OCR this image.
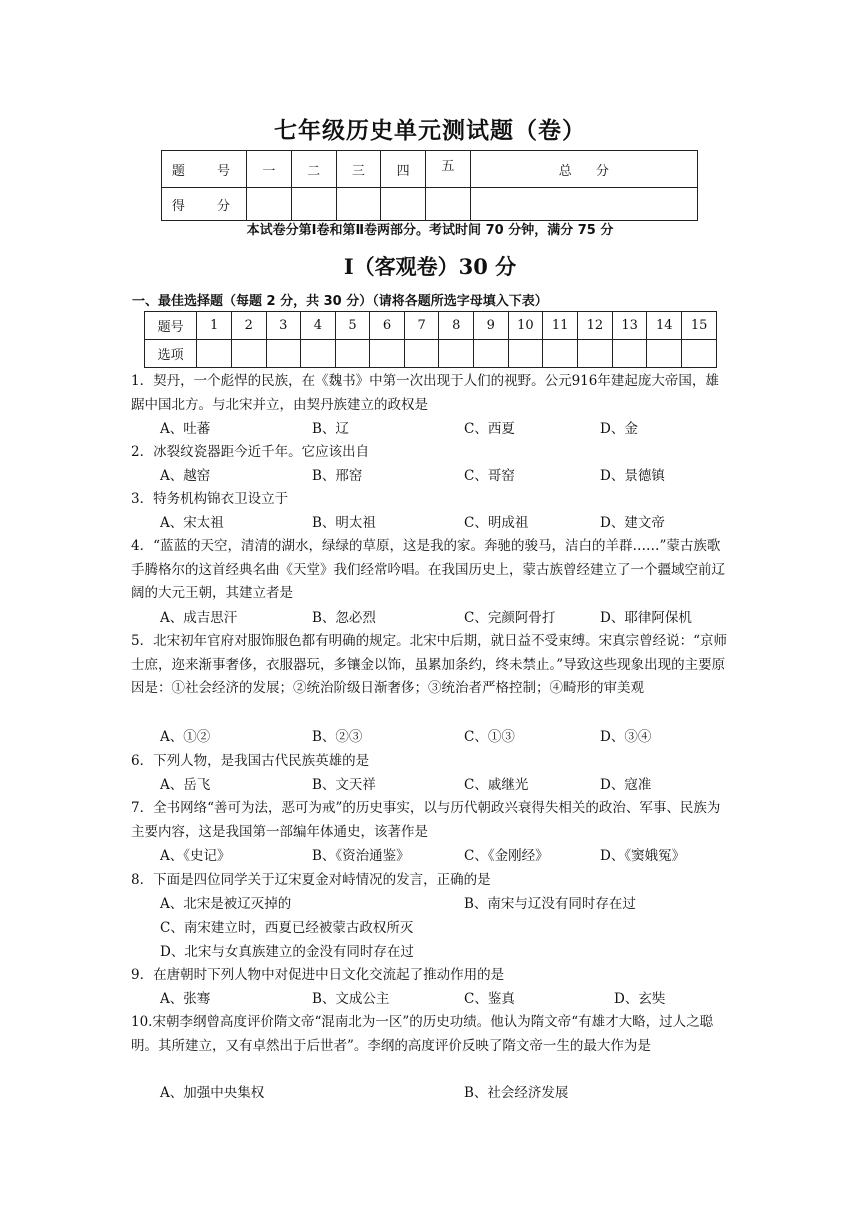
七年级历史单元测试题（卷）
题 号	一	二	三	四	五	总 分
得 分						
本试卷分第Ⅰ卷和第Ⅱ卷两部分。考试时间 70 分钟，满分 75 分
Ⅰ（客观卷）30 分
一、最佳选择题（每题 2 分，共 30 分）（请将各题所选字母填入下表）
题号	1	2	3	4	5	6	7	8	9	10	11	12	13	14	15
选项															

1．契丹，一个彪悍的民族，在《魏书》中第一次出现于人们的视野。公元916年建起庞大帝国，雄踞中国北方。与北宋并立，由契丹族建立的政权是

A、吐蕃	B、辽	C、西夏	D、金

2．冰裂纹瓷器距今近千年。它应该出自

A、越窑	B、邢窑	C、哥窑	D、景德镇

3．特务机构锦衣卫设立于

A、宋太祖	B、明太祖	C、明成祖	D、建文帝

4．“蓝蓝的天空，清清的湖水，绿绿的草原，这是我的家。奔驰的骏马，洁白的羊群……”蒙古族歌手腾格尔的这首经典名曲《天堂》我们经常吟唱。在我国历史上，蒙古族曾经建立了一个疆域空前辽阔的大元王朝，其建立者是

A、成吉思汗	B、忽必烈	C、完颜阿骨打	D、耶律阿保机

5．北宋初年官府对服饰服色都有明确的规定。北宋中后期，就日益不受束缚。宋真宗曾经说：“京师士庶，迩来渐事奢侈，衣服器玩，多镶金以饰，虽累加条约，终未禁止。”导致这些现象出现的主要原因是：①社会经济的发展；②统治阶级日渐奢侈；③统治者严格控制；④畸形的审美观

A、①②	B、②③	C、①③	D、③④

6．下列人物，是我国古代民族英雄的是

A、岳飞	B、文天祥	C、戚继光	D、寇准

7．全书网络“善可为法，恶可为戒”的历史事实，以与历代朝政兴衰得失相关的政治、军事、民族为主要内容，这是我国第一部编年体通史，该著作是

A、《史记》	B、《资治通鉴》	C、《金刚经》	D、《窦娥冤》

8．下面是四位同学关于辽宋夏金对峙情况的发言，正确的是

A、北宋是被辽灭掉的	B、南宋与辽没有同时存在过
C、南宋建立时，西夏已经被蒙古政权所灭
D、北宋与女真族建立的金没有同时存在过

9．在唐朝时下列人物中对促进中日文化交流起了推动作用的是

A、张骞	B、文成公主	C、鉴真	D、玄奘

10.宋朝李纲曾高度评价隋文帝“混南北为一区”的历史功绩。他认为隋文帝“有雄才大略，过人之聪明。其所建立，又有卓然出于后世者”。李纲的高度评价反映了隋文帝一生的最大作为是

A、加强中央集权	B、社会经济发展
